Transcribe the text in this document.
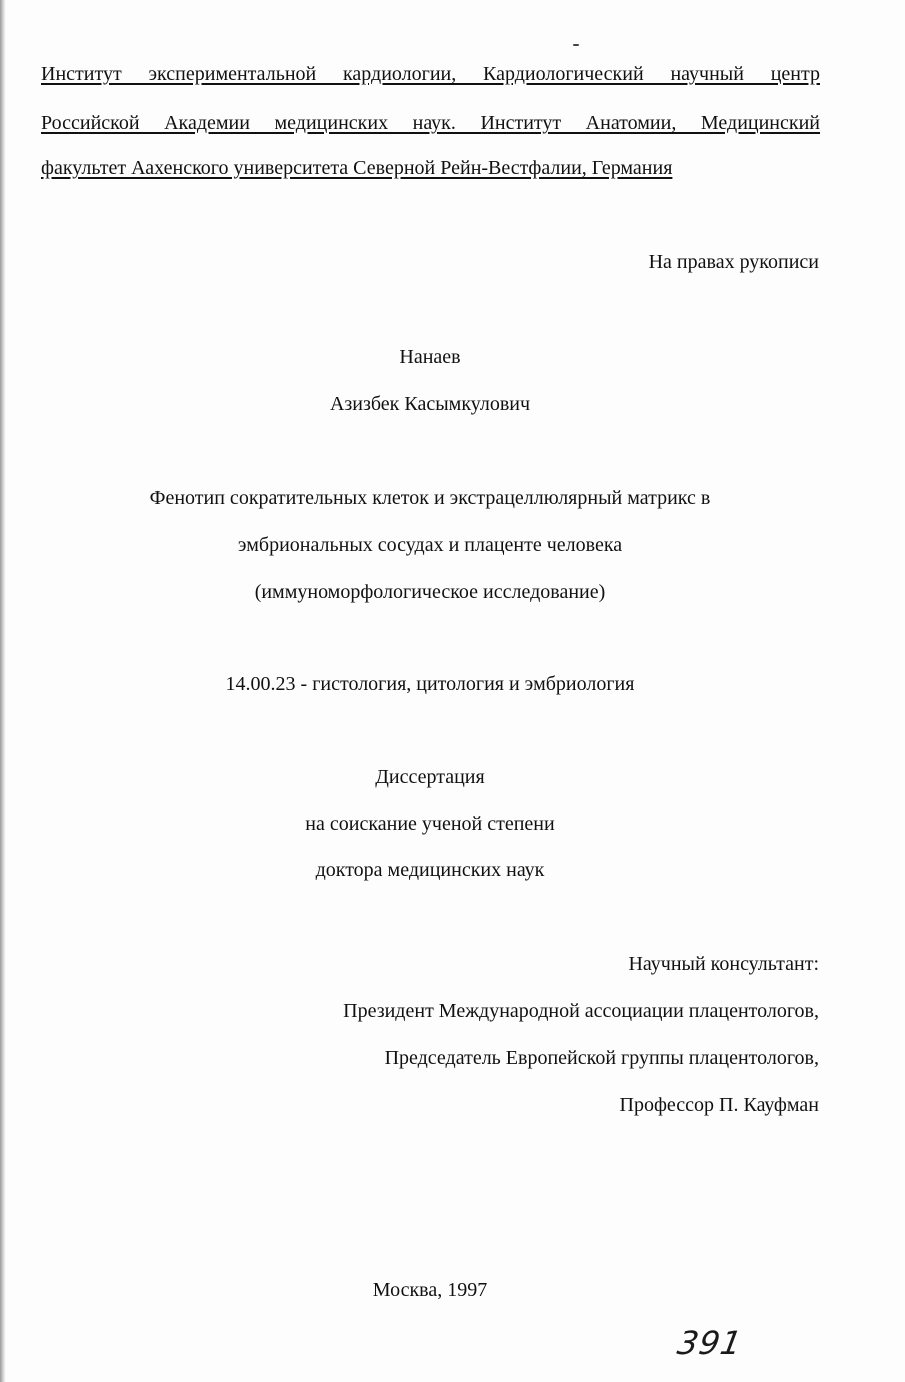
Институт экспериментальной кардиологии, Кардиологический научный центр
Российской Академии медицинских наук. Институт Анатомии, Медицинский
факультет Аахенского университета Северной Рейн-Вестфалии, Германия
На правах рукописи
Нанаев
Азизбек Касымкулович
Фенотип сократительных клеток и экстрацеллюлярный матрикс в
эмбриональных сосудах и плаценте человека
(иммуноморфологическое исследование)
14.00.23 - гистология, цитология и эмбриология
Диссертация
на соискание ученой степени
доктора медицинских наук
Научный консультант:
Президент Международной ассоциации плацентологов,
Председатель Европейской группы плацентологов,
Профессор П. Кауфман
Москва, 1997
391
